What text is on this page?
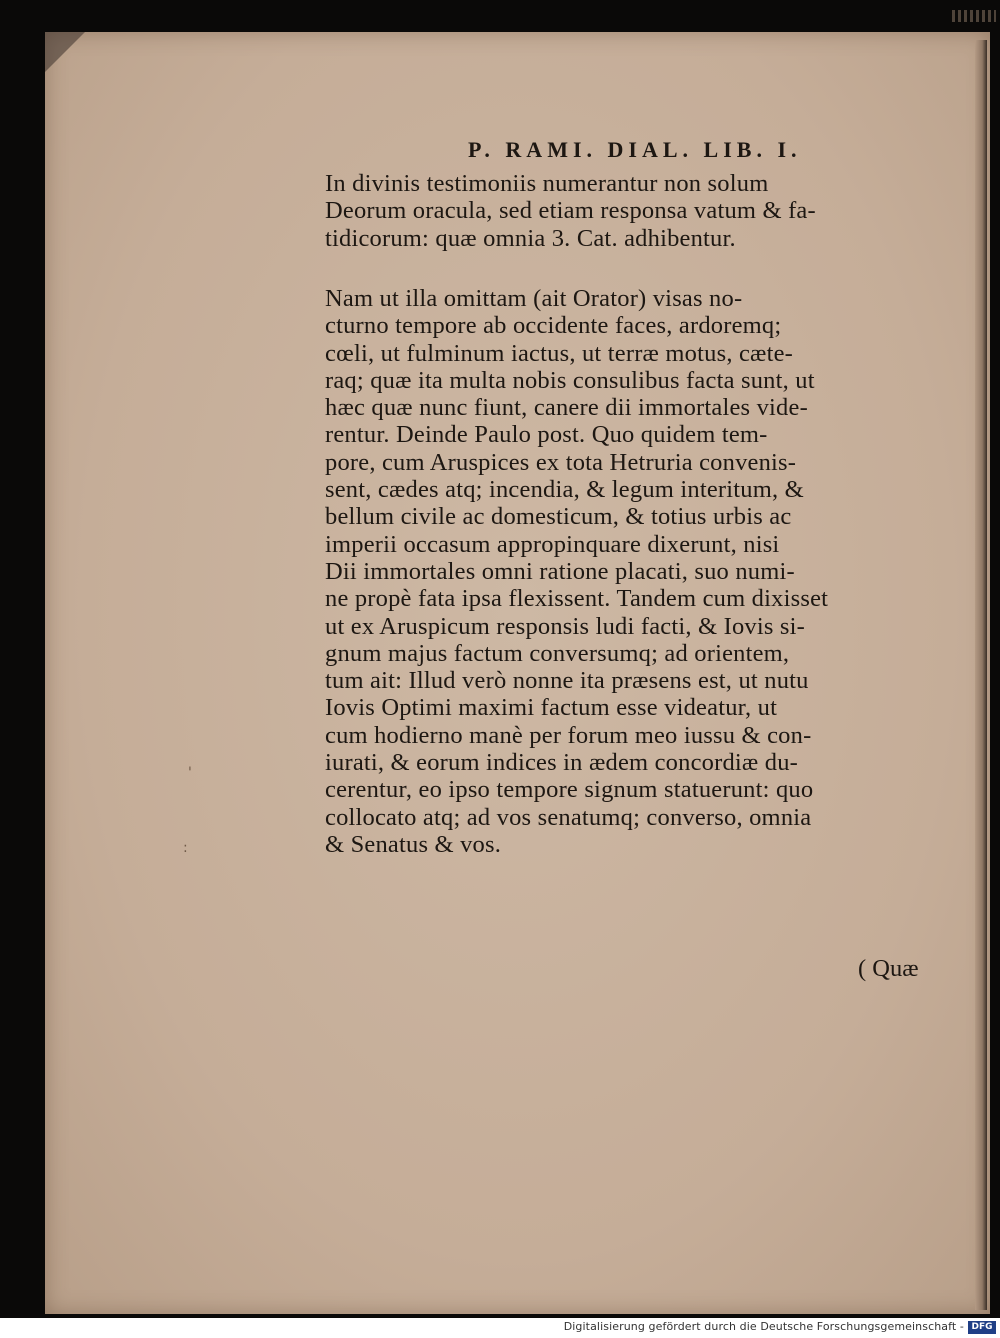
P. RAMI. DIAL. LIB. I.
In divinis testimoniis numerantur non solum
Deorum oracula, sed etiam responsa vatum & fa-
tidicorum: quæ omnia 3. Cat. adhibentur.
Nam ut illa omittam (ait Orator) visas no-
cturno tempore ab occidente faces, ardoremq;
cœli, ut fulminum iactus, ut terræ motus, cæte-
raq; quæ ita multa nobis consulibus facta sunt, ut
hæc quæ nunc fiunt, canere dii immortales vide-
rentur. Deinde Paulo post. Quo quidem tem-
pore, cum Aruspices ex tota Hetruria convenis-
sent, cædes atq; incendia, & legum interitum, &
bellum civile ac domesticum, & totius urbis ac
imperii occasum appropinquare dixerunt, nisi
Dii immortales omni ratione placati, suo numi-
ne propè fata ipsa flexissent. Tandem cum dixisset
ut ex Aruspicum responsis ludi facti, & Iovis si-
gnum majus factum conversumq; ad orientem,
tum ait: Illud verò nonne ita præsens est, ut nutu
Iovis Optimi maximi factum esse videatur, ut
cum hodierno manè per forum meo iussu & con-
iurati, & eorum indices in ædem concordiæ du-
cerentur, eo ipso tempore signum statuerunt: quo
collocato atq; ad vos senatumq; converso, omnia
& Senatus & vos.
( Quæ
'
:
Digitalisierung gefördert durch die Deutsche Forschungsgemeinschaft - DFG
